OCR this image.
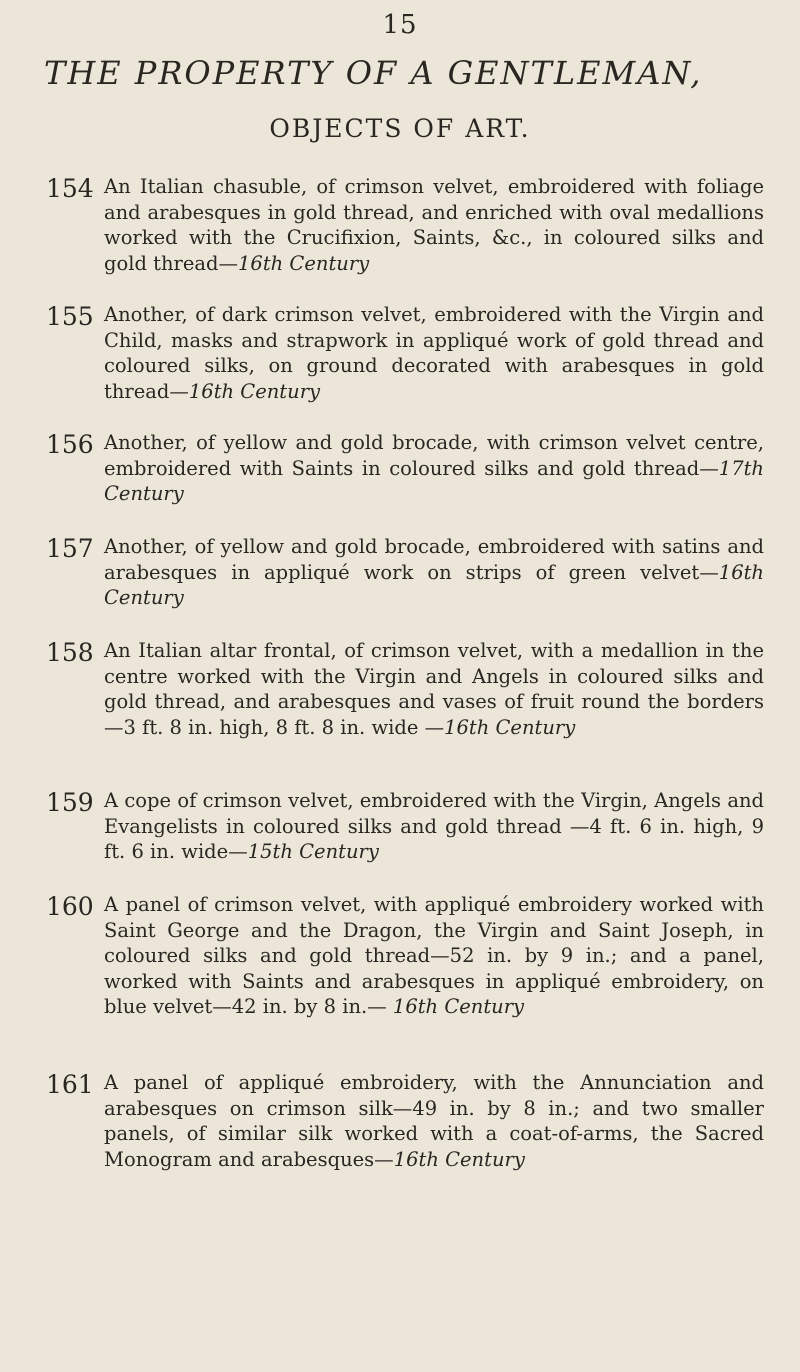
15
THE PROPERTY OF A GENTLEMAN,
OBJECTS OF ART.
154 An Italian chasuble, of crimson velvet, embroidered with foliage and arabesques in gold thread, and enriched with oval medallions worked with the Crucifixion, Saints, &c., in coloured silks and gold thread—16th Century
155 Another, of dark crimson velvet, embroidered with the Virgin and Child, masks and strapwork in appliqué work of gold thread and coloured silks, on ground decorated with arabesques in gold thread—16th Century
156 Another, of yellow and gold brocade, with crimson velvet centre, embroidered with Saints in coloured silks and gold thread—17th Century
157 Another, of yellow and gold brocade, embroidered with satins and arabesques in appliqué work on strips of green velvet—16th Century
158 An Italian altar frontal, of crimson velvet, with a medallion in the centre worked with the Virgin and Angels in coloured silks and gold thread, and arabesques and vases of fruit round the borders—3 ft. 8 in. high, 8 ft. 8 in. wide —16th Century
159 A cope of crimson velvet, embroidered with the Virgin, Angels and Evangelists in coloured silks and gold thread —4 ft. 6 in. high, 9 ft. 6 in. wide—15th Century
160 A panel of crimson velvet, with appliqué embroidery worked with Saint George and the Dragon, the Virgin and Saint Joseph, in coloured silks and gold thread—52 in. by 9 in.; and a panel, worked with Saints and arabesques in appliqué embroidery, on blue velvet—42 in. by 8 in.— 16th Century
161 A panel of appliqué embroidery, with the Annunciation and arabesques on crimson silk—49 in. by 8 in.; and two smaller panels, of similar silk worked with a coat-of-arms, the Sacred Monogram and arabesques—16th Century
